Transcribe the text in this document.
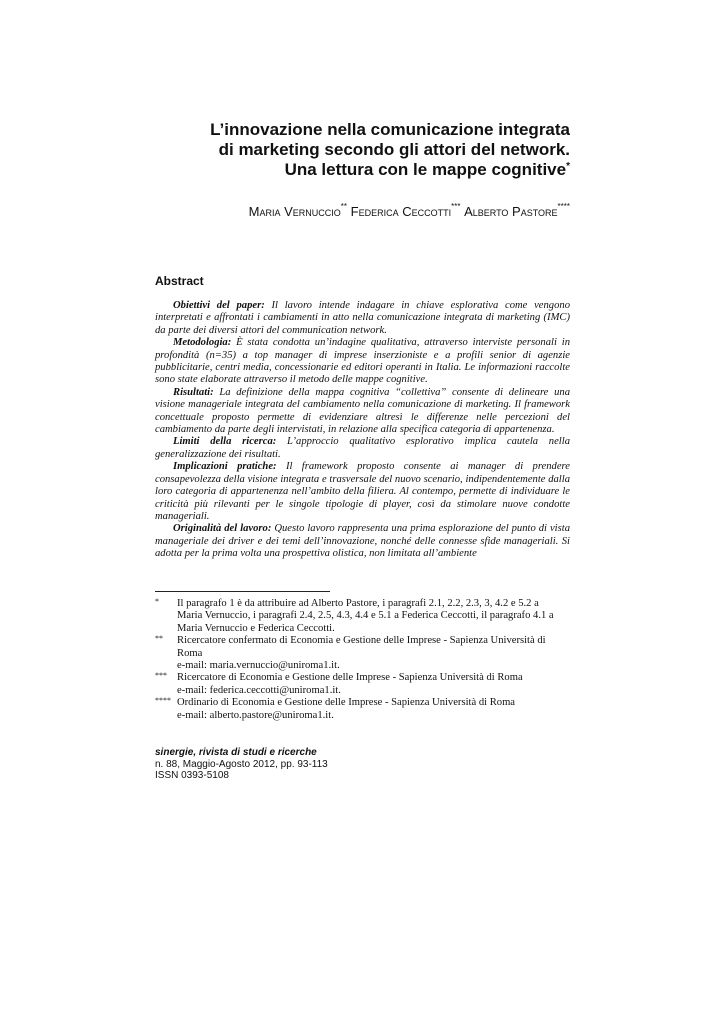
L’innovazione nella comunicazione integrata
di marketing secondo gli attori del network.
Una lettura con le mappe cognitive*
Maria Vernuccio** Federica Ceccotti*** Alberto Pastore****
Abstract

Obiettivi del paper: Il lavoro intende indagare in chiave esplorativa come vengono interpretati e affrontati i cambiamenti in atto nella comunicazione integrata di marketing (IMC) da parte dei diversi attori del communication network.

Metodologia: È stata condotta un’indagine qualitativa, attraverso interviste personali in profondità (n=35) a top manager di imprese inserzioniste e a profili senior di agenzie pubblicitarie, centri media, concessionarie ed editori operanti in Italia. Le informazioni raccolte sono state elaborate attraverso il metodo delle mappe cognitive.

Risultati: La definizione della mappa cognitiva “collettiva” consente di delineare una visione manageriale integrata del cambiamento nella comunicazione di marketing. Il framework concettuale proposto permette di evidenziare altresì le differenze nelle percezioni del cambiamento da parte degli intervistati, in relazione alla specifica categoria di appartenenza.

Limiti della ricerca: L’approccio qualitativo esplorativo implica cautela nella generalizzazione dei risultati.

Implicazioni pratiche: Il framework proposto consente ai manager di prendere consapevolezza della visione integrata e trasversale del nuovo scenario, indipendentemente dalla loro categoria di appartenenza nell’ambito della filiera. Al contempo, permette di individuare le criticità più rilevanti per le singole tipologie di player, così da stimolare nuove condotte manageriali.

Originalità del lavoro: Questo lavoro rappresenta una prima esplorazione del punto di vista manageriale dei driver e dei temi dell’innovazione, nonché delle connesse sfide manageriali. Si adotta per la prima volta una prospettiva olistica, non limitata all’ambiente

* Il paragrafo 1 è da attribuire ad Alberto Pastore, i paragrafi 2.1, 2.2, 2.3, 3, 4.2 e 5.2 a
Maria Vernuccio, i paragrafi 2.4, 2.5, 4.3, 4.4 e 5.1 a Federica Ceccotti, il paragrafo 4.1 a
Maria Vernuccio e Federica Ceccotti.
** Ricercatore confermato di Economia e Gestione delle Imprese - Sapienza Università di
Roma
e-mail: maria.vernuccio@uniroma1.it.
*** Ricercatore di Economia e Gestione delle Imprese - Sapienza Università di Roma
e-mail: federica.ceccotti@uniroma1.it.
**** Ordinario di Economia e Gestione delle Imprese - Sapienza Università di Roma
e-mail: alberto.pastore@uniroma1.it.
sinergie, rivista di studi e ricerche
n. 88, Maggio-Agosto 2012, pp. 93-113
ISSN 0393-5108
